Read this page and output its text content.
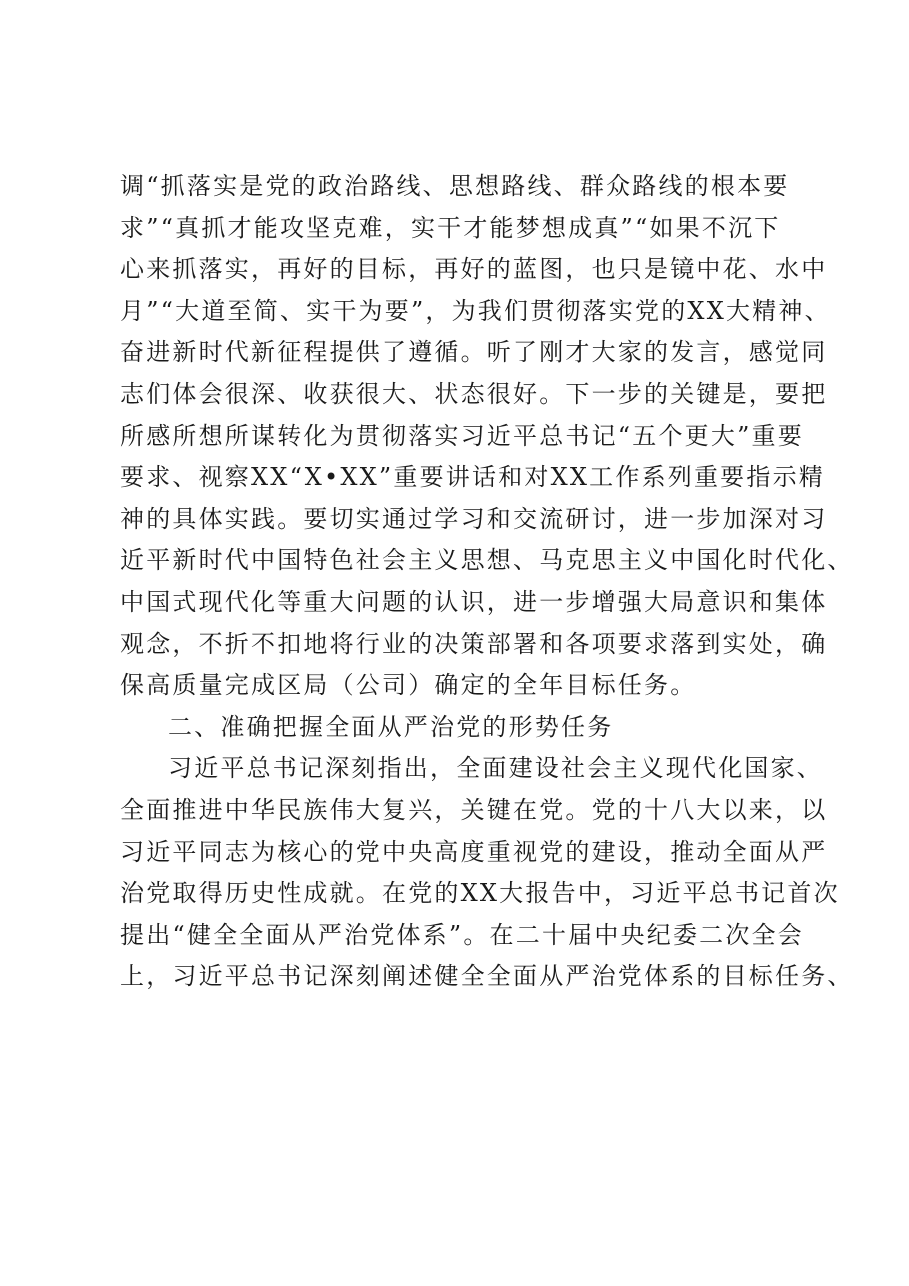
调“抓落实是党的政治路线、思想路线、群众路线的根本要
求”“真抓才能攻坚克难，实干才能梦想成真”“如果不沉下
心来抓落实，再好的目标，再好的蓝图，也只是镜中花、水中
月”“大道至简、实干为要”，为我们贯彻落实党的XX大精神、
奋进新时代新征程提供了遵循。听了刚才大家的发言，感觉同
志们体会很深、收获很大、状态很好。下一步的关键是，要把
所感所想所谋转化为贯彻落实习近平总书记“五个更大”重要
要求、视察XX“X•XX”重要讲话和对XX工作系列重要指示精
神的具体实践。要切实通过学习和交流研讨，进一步加深对习
近平新时代中国特色社会主义思想、马克思主义中国化时代化、
中国式现代化等重大问题的认识，进一步增强大局意识和集体
观念，不折不扣地将行业的决策部署和各项要求落到实处，确
保高质量完成区局（公司）确定的全年目标任务。
二、准确把握全面从严治党的形势任务
习近平总书记深刻指出，全面建设社会主义现代化国家、
全面推进中华民族伟大复兴，关键在党。党的十八大以来，以
习近平同志为核心的党中央高度重视党的建设，推动全面从严
治党取得历史性成就。在党的XX大报告中，习近平总书记首次
提出“健全全面从严治党体系”。在二十届中央纪委二次全会
上，习近平总书记深刻阐述健全全面从严治党体系的目标任务、
